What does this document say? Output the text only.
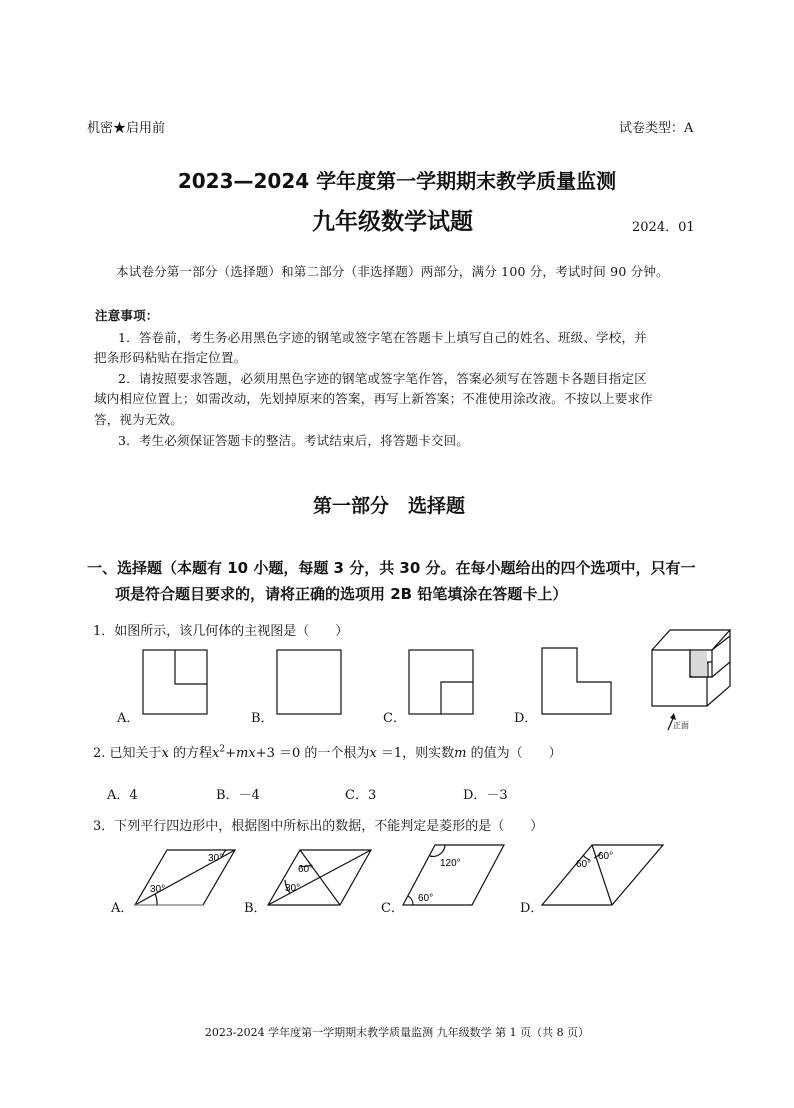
机密★启用前	试卷类型：A
2023—2024 学年度第一学期期末教学质量监测
九年级数学试题	2024．01
本试卷分第一部分（选择题）和第二部分（非选择题）两部分，满分 100 分，考试时间 90 分钟。
注意事项：
1．答卷前，考生务必用黑色字迹的钢笔或签字笔在答题卡上填写自己的姓名、班级、学校，并
把条形码粘贴在指定位置。
2．请按照要求答题，必须用黑色字迹的钢笔或签字笔作答，答案必须写在答题卡各题目指定区
域内相应位置上；如需改动，先划掉原来的答案，再写上新答案；不准使用涂改液。不按以上要求作
答，视为无效。
3．考生必须保证答题卡的整洁。考试结束后，将答题卡交回。
第一部分　选择题
一、选择题（本题有 10 小题，每题 3 分，共 30 分。在每小题给出的四个选项中，只有一
项是符合题目要求的，请将正确的选项用 2B 铅笔填涂在答题卡上）
1．如图所示，该几何体的主视图是（　　）
A．	B．	C．	D．	正面
2. 已知关于x 的方程$x^2+mx+3 =0$ 的一个根为x ＝1，则实数m 的值为（　　）
A．4	B．－4	C．3	D．－3
3．下列平行四边形中，根据图中所标出的数据，不能判定是菱形的是（　　）
A．	B．	C．	D．
30°
30°
60°
30°
120°
60°
60°
60°
2023-2024 学年度第一学期期末教学质量监测 九年级数学 第 1 页（共 8 页）
